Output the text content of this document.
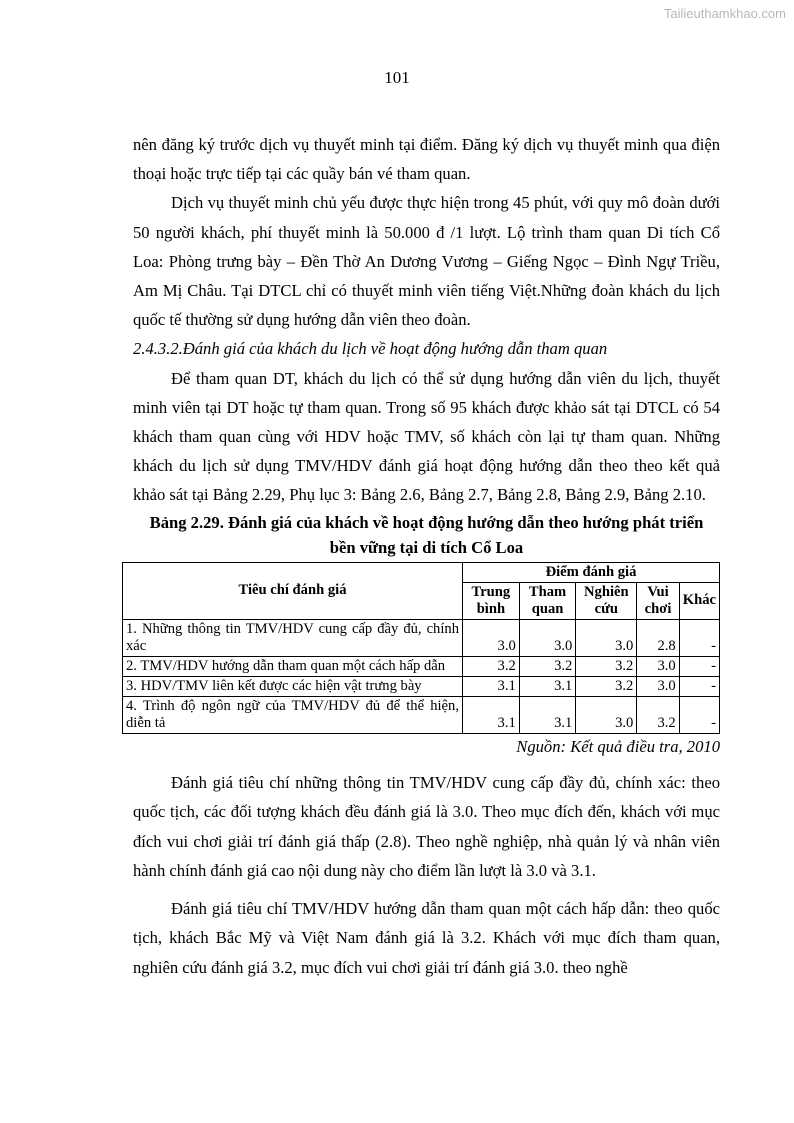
Tailieuthamkhao.com
101

nên đăng ký trước dịch vụ thuyết minh tại điểm. Đăng ký dịch vụ thuyết minh qua điện thoại hoặc trực tiếp tại các quầy bán vé tham quan.

Dịch vụ thuyết minh chủ yếu được thực hiện trong 45 phút, với quy mô đoàn dưới 50 người khách, phí thuyết minh là 50.000 đ /1 lượt. Lộ trình tham quan Di tích Cổ Loa: Phòng trưng bày – Đền Thờ An Dương Vương – Giếng Ngọc – Đình Ngự Triều, Am Mị Châu. Tại DTCL chỉ có thuyết minh viên tiếng Việt.Những đoàn khách du lịch quốc tế thường sử dụng hướng dẫn viên theo đoàn.

2.4.3.2.Đánh giá của khách du lịch về hoạt động hướng dẫn tham quan

Để tham quan DT, khách du lịch có thể sử dụng hướng dẫn viên du lịch, thuyết minh viên tại DT hoặc tự tham quan. Trong số 95 khách được khảo sát tại DTCL có 54 khách tham quan cùng với HDV hoặc TMV, số khách còn lại tự tham quan. Những khách du lịch sử dụng TMV/HDV đánh giá hoạt động hướng dẫn theo theo kết quả khảo sát tại Bảng 2.29, Phụ lục 3: Bảng 2.6, Bảng 2.7, Bảng 2.8, Bảng 2.9, Bảng 2.10.

Bảng 2.29. Đánh giá của khách về hoạt động hướng dẫn theo hướng phát triển
bền vững tại di tích Cổ Loa

Tiêu chí đánh giá	Điểm đánh giá				
	Trung bình	Tham quan	Nghiên cứu	Vui chơi	Khác
1. Những thông tin TMV/HDV cung cấp đầy đủ, chính xác	3.0	3.0	3.0	2.8	-
2. TMV/HDV hướng dẫn tham quan một cách hấp dẫn	3.2	3.2	3.2	3.0	-
3. HDV/TMV liên kết được các hiện vật trưng bày	3.1	3.1	3.2	3.0	-
4. Trình độ ngôn ngữ của TMV/HDV đủ để thể hiện, diễn tả	3.1	3.1	3.0	3.2	-

Nguồn: Kết quả điều tra, 2010

Đánh giá tiêu chí những thông tin TMV/HDV cung cấp đầy đủ, chính xác: theo quốc tịch, các đối tượng khách đều đánh giá là 3.0. Theo mục đích đến, khách với mục đích vui chơi giải trí đánh giá thấp (2.8). Theo nghề nghiệp, nhà quản lý và nhân viên hành chính đánh giá cao nội dung này cho điểm lần lượt là 3.0 và 3.1.

Đánh giá tiêu chí TMV/HDV hướng dẫn tham quan một cách hấp dẫn: theo quốc tịch, khách Bắc Mỹ và Việt Nam đánh giá là 3.2. Khách với mục đích tham quan, nghiên cứu đánh giá 3.2, mục đích vui chơi giải trí đánh giá 3.0. theo nghề
